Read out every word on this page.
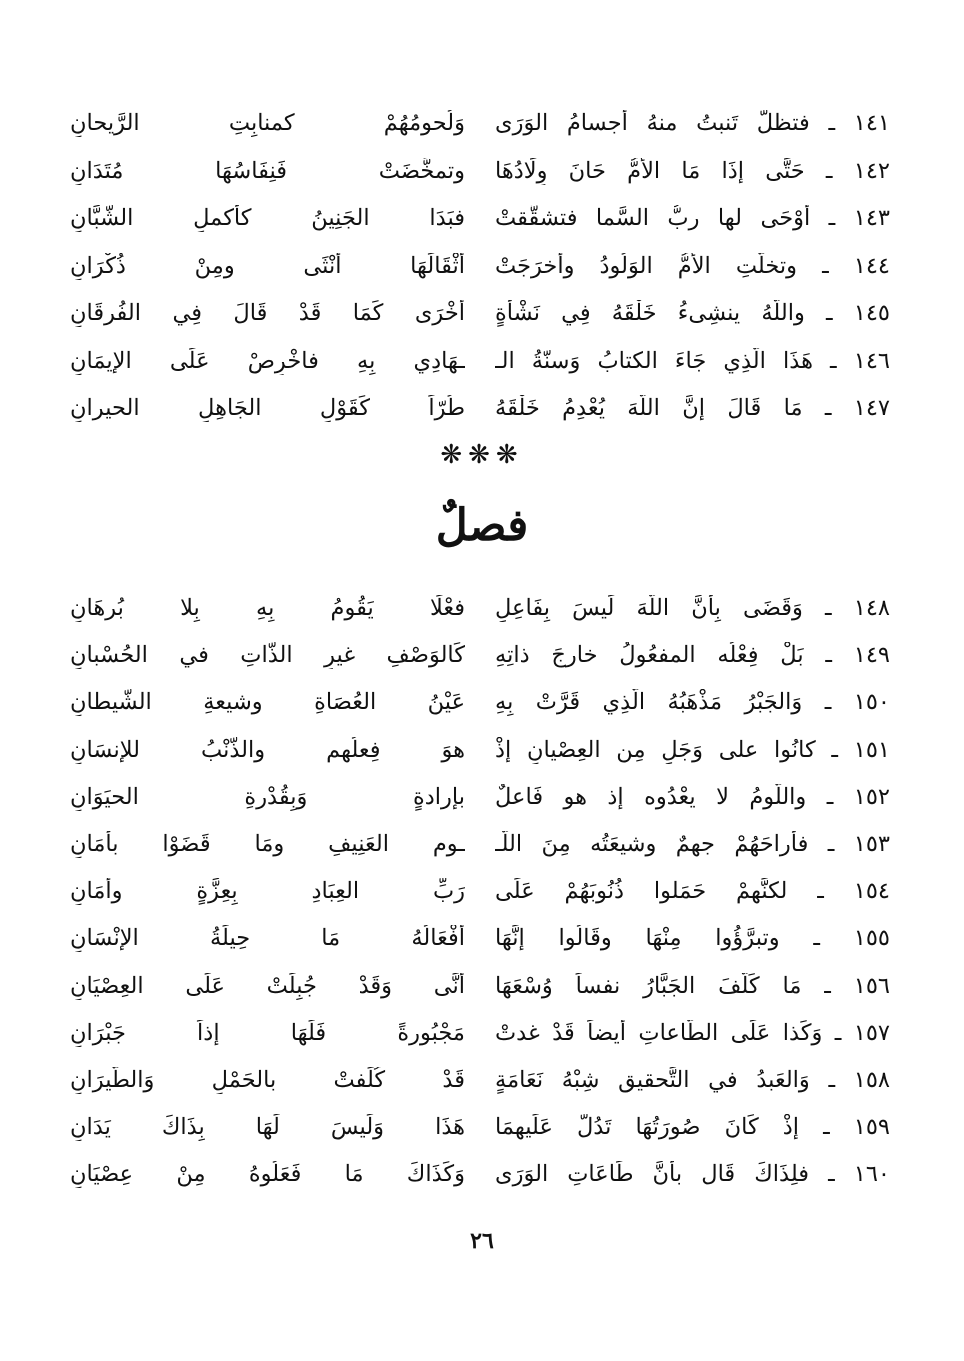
١٤١ ـ فتظلُّ تَنبتُ منهُ أجسامُ الوَرَى
وَلُحومُهُمْ كمنابِتِ الرَّيحانِ
١٤٢ ـ حَتَّى إذَا مَا الأمُّ حَانَ وِلَادُهَا
وتمخَّضَتْ فَنِفَاسُهَا مُتَدَانِ
١٤٣ ـ أوْحَى لها ربُّ السَّما فتشقَّقتْ
فبَدَا الجَنِينُ كأكملِ الشُّبَّانِ
١٤٤ ـ وتخلَّتِ الأمُّ الوَلُودُ وأخرَجَتْ
أثْقَالَهَا أُنْثَى ومِنْ ذُكْرَانِ
١٤٥ ـ واللّهُ ينشِىءُ خَلْقَهُ فِي نَشْأةٍ
أخْرَى كَمَا قَدْ قَالَ فِي الفُرقَانِ
١٤٦ ـ هَذَا الَّذِي جَاءَ الكتابُ وَسنّةُ الـ
ـهَادِي بِهِ فاخْرِصْ عَلَى الإيمَانِ
١٤٧ ـ مَا قَالَ إنَّ اللّهَ يُعْدِمُ خَلْقَهُ
طُرّاً كَقَوْلِ الجَاهِلِ الحيرانِ
❋❋❋
فصلٌ
١٤٨ ـ وَقَضَى بِأنَّ اللّهَ لَيسَ بِفَاعِلٍ
فعْلًا يَقُومُ بِهِ بِلا بُرهَانِ
١٤٩ ـ بَلْ فِعْلُه المفعُولُ خارجَ ذاتِهِ
كَالوَصْفِ غيرِ الذَّاتِ في الحُسْبانِ
١٥٠ ـ وَالجَبْرُ مَذْهَبُهُ الَّذِي قَرَّتْ بِهِ
عَيْنُ العُصَاةِ وشيعةِ الشَّيطانِ
١٥١ ـ كانُوا على وَجَلٍ مِن العِصْيانِ إذْ
هوَ فِعلُهم والذَّنْبُ للإنسَانِ
١٥٢ ـ واللّومُ لا يعْدُوه إذ هو فَاعلٌ
بإرادةٍ وَبِقُدْرةِ الحيَوَانِ
١٥٣ ـ فأراحَهُمْ جهمٌ وشيعَتُه مِنَ اللّـ
ـومِ العَنِيفِ ومَا قَضَوْا بأمَانِ
١٥٤ ـ لكنَّهمْ حَمَلوا ذُنُوبَهُمْ عَلَى
رَبِّ العِبَادِ بِعِزَّةٍ وأمَانِ
١٥٥ ـ وتبرَّؤُوا مِنْهَا وقَالُوا إنَّهَا
أفْعَالُهُ مَا حِيلَةُ الإنْسَانِ
١٥٦ ـ مَا كَلَّفَ الجَبَّارُ نفساً وُسْعَهَا
أنَّى وَقَدْ جُبِلَتْ عَلَى العِصْيَانِ
١٥٧ ـ وَكَذا عَلَى الطَّاعاتِ أيضاً قَدْ غدتْ
مَجْبُورةً فَلَهَا إذاً جَبْرَانِ
١٥٨ ـ وَالعَبدُ في التَّحقيقِ شِبْهُ نَعَامَةٍ
قَدْ كُلِّفتْ بالحَمْلِ وَالطَّيرَانِ
١٥٩ ـ إذْ كَانَ صُورَتُهَا تَدُلُّ عَلَيهِمَا
هَذَا وَلَيسَ لَهَا بِذَاكَ يَدَانِ
١٦٠ ـ فلِذَاكَ قَال بأنَّ طَاعَاتِ الوَرَى
وَكَذَاكَ مَا فَعَلُوهُ مِنْ عِصْيَانِ
٢٦
